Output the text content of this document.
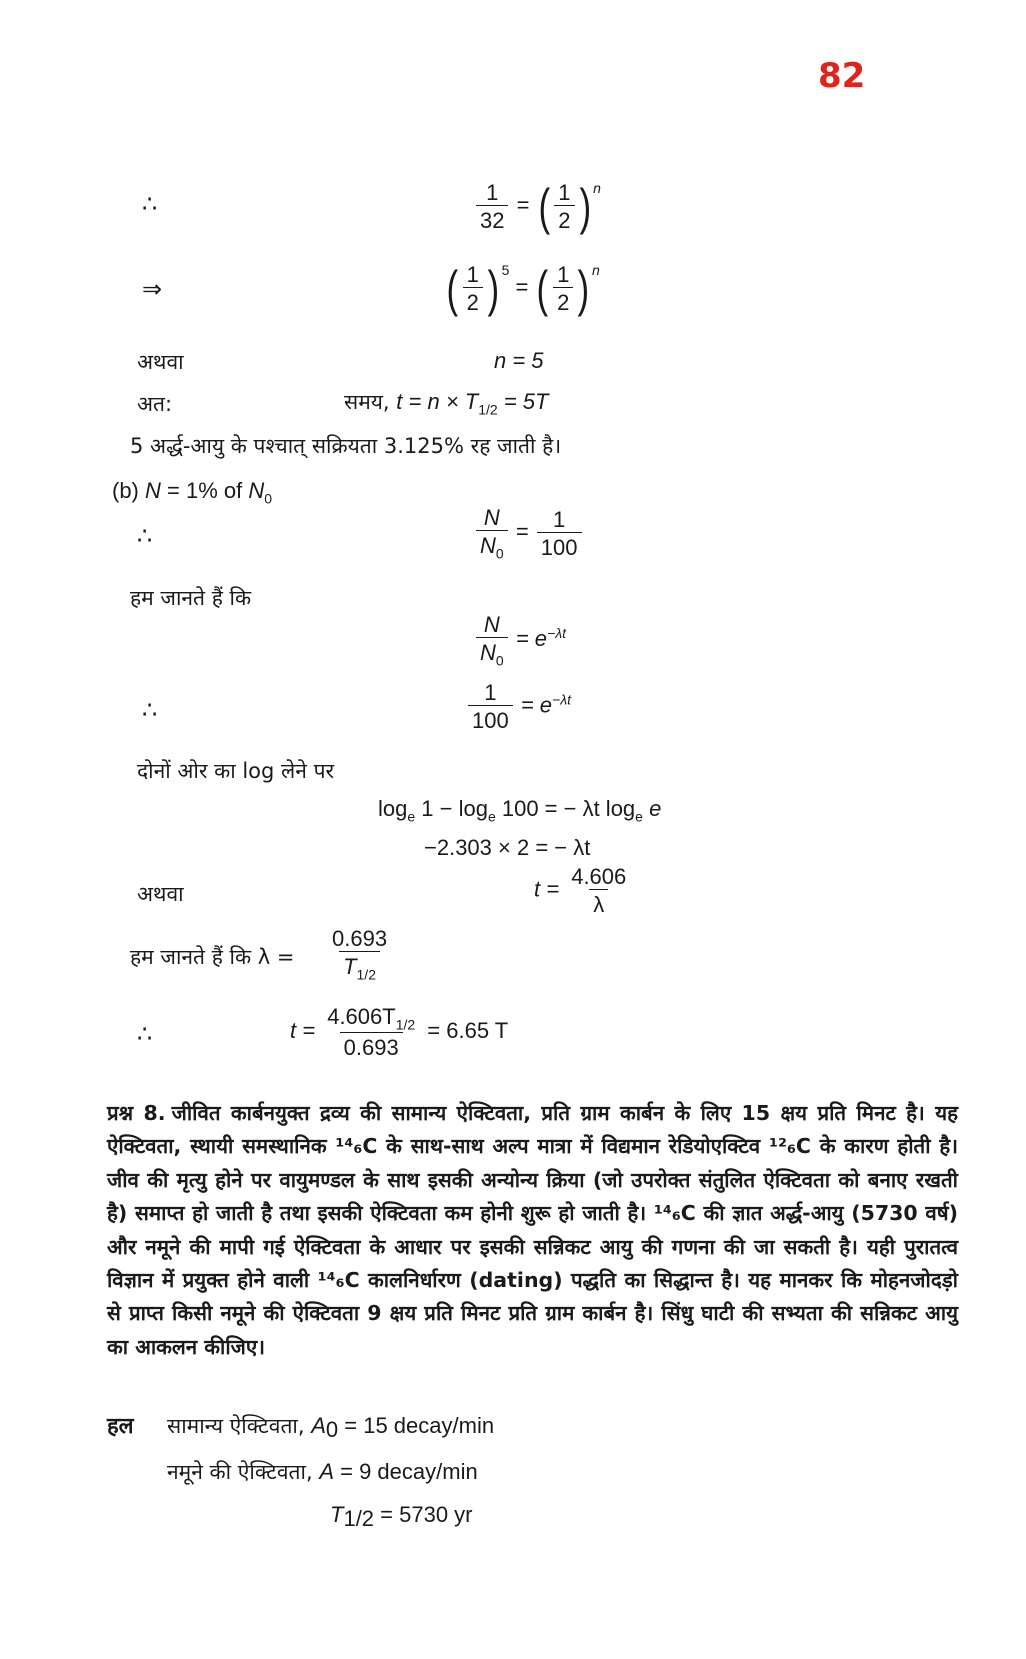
82
∴	$\frac{1}{32}$ = ( $\frac{1}{2} )^n$
⇒	( $\frac{1}{2} )^5$
= ( $\frac{1}{2} )^n$
अथवा	n = 5
अत:	समय, $t = n \times T_{1/2} = 5T$
5 अर्द्ध-आयु के पश्चात् सक्रियता 3.125% रह जाती है।
(b) N = 1% of $N_0$
∴	$\frac{N}{N_0} = \frac{1}{100}$
हम जानते हैं कि
$\frac{N}{N_0} = e^{-\lambda t}$
∴	$\frac{1}{100} = e^{-\lambda t}$
दोनों ओर का log लेने पर
$\log_e 1 - \log_e 100$ = − λt $\log_e e$
−2.303 × 2 = − λt
अथवा	$t = \frac{4.606}{\lambda}$
हम जानते हैं कि $\lambda = \frac{0.693}{T_{1/2}}$
∴	$t = \frac{4.606T_{1/2}}{0.693} = 6.65$ T
प्रश्न 8. जीवित कार्बनयुक्त द्रव्य की सामान्य ऐक्टिवता, प्रति ग्राम कार्बन के लिए 15 क्षय प्रति मिनट है। यह ऐक्टिवता, स्थायी समस्थानिक ¹⁴₆C के साथ-साथ अल्प मात्रा में विद्यमान रेडियोएक्टिव ¹²₆C के कारण होती है। जीव की मृत्यु होने पर वायुमण्डल के साथ इसकी अन्योन्य क्रिया (जो उपरोक्त संतुलित ऐक्टिवता को बनाए रखती है) समाप्त हो जाती है तथा इसकी ऐक्टिवता कम होनी शुरू हो जाती है। ¹⁴₆C की ज्ञात अर्द्ध-आयु (5730 वर्ष) और नमूने की मापी गई ऐक्टिवता के आधार पर इसकी सन्निकट आयु की गणना की जा सकती है। यही पुरातत्व विज्ञान में प्रयुक्त होने वाली ¹⁴₆C कालनिर्धारण (dating) पद्धति का सिद्धान्त है। यह मानकर कि मोहनजोदड़ो से प्राप्त किसी नमूने की ऐक्टिवता 9 क्षय प्रति मिनट प्रति ग्राम कार्बन है। सिंधु घाटी की सभ्यता की सन्निकट आयु का आकलन कीजिए।
हल सामान्य ऐक्टिवता, $A_0 = 15$ decay/min
नमूने की ऐक्टिवता, A = 9 decay/min
$T_{1/2} = 5730$ yr
